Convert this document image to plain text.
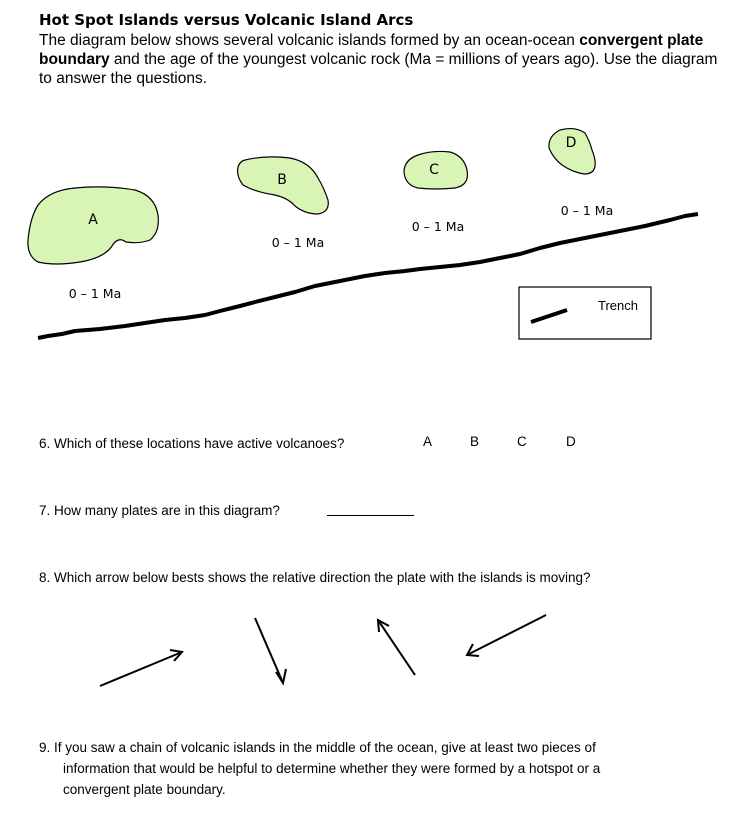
Hot Spot Islands versus Volcanic Island Arcs
The diagram below shows several volcanic islands formed by an ocean-ocean convergent plate boundary and the age of the youngest volcanic rock (Ma = millions of years ago). Use the diagram to answer the questions.
A
B
C
D
0 – 1 Ma
0 – 1 Ma
0 – 1 Ma
0 – 1 Ma
Trench
6. Which of these locations have active volcanoes?	A	B	C	D
7. How many plates are in this diagram?
8. Which arrow below bests shows the relative direction the plate with the islands is moving?
9. If you saw a chain of volcanic islands in the middle of the ocean, give at least two pieces of
information that would be helpful to determine whether they were formed by a hotspot or a
convergent plate boundary.
